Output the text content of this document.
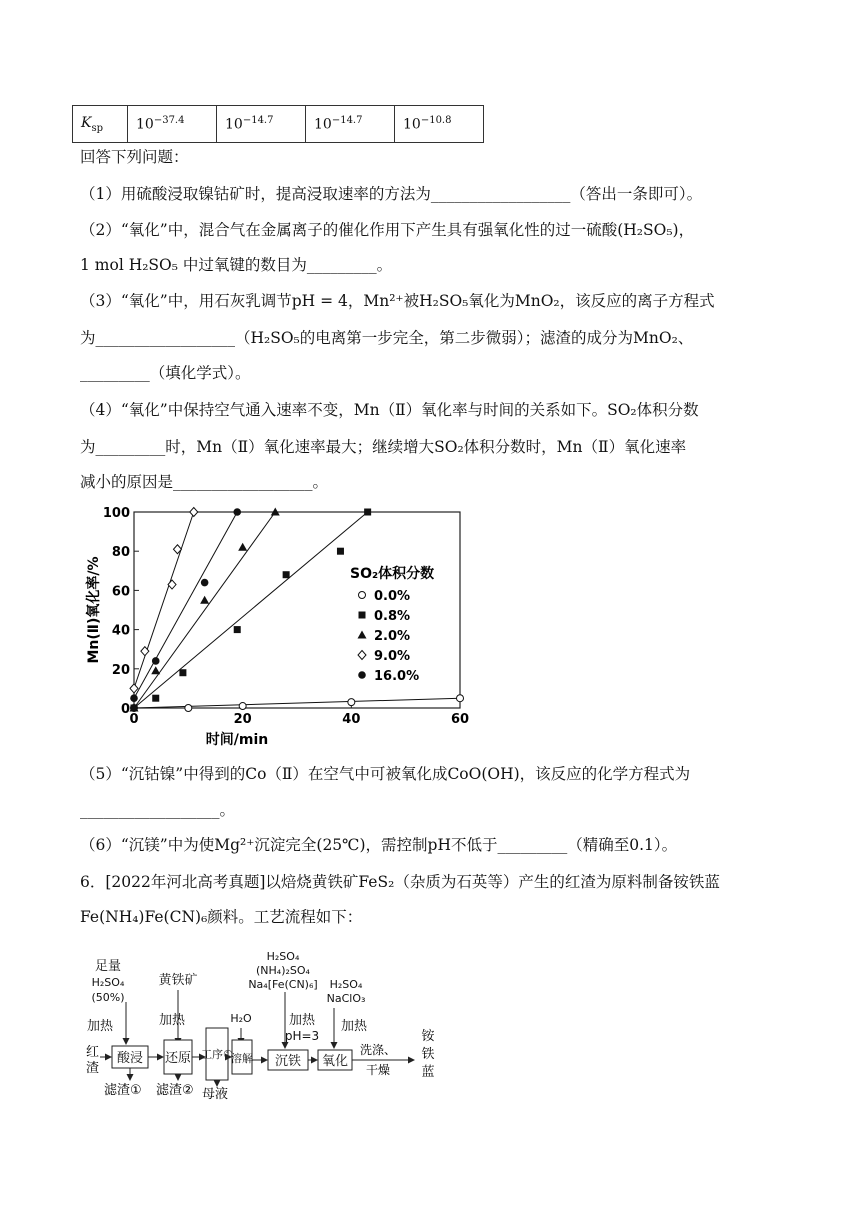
$K_{sp}$	$10^{-37.4}$	$10^{-14.7}$	$10^{-14.7}$	$10^{-10.8}$
回答下列问题：
（1）用硫酸浸取镍钴矿时，提高浸取速率的方法为__________________（答出一条即可）。
（2）“氧化”中，混合气在金属离子的催化作用下产生具有强氧化性的过一硫酸(H₂SO₅)，
1 mol H₂SO₅ 中过氧键的数目为_________。
（3）“氧化”中，用石灰乳调节pH = 4，Mn²⁺被H₂SO₅氧化为MnO₂，该反应的离子方程式
为__________________（H₂SO₅的电离第一步完全，第二步微弱）；滤渣的成分为MnO₂、
_________（填化学式）。
（4）“氧化”中保持空气通入速率不变，Mn（Ⅱ）氧化率与时间的关系如下。SO₂体积分数
为_________时，Mn（Ⅱ）氧化速率最大；继续增大SO₂体积分数时，Mn（Ⅱ）氧化速率
减小的原因是__________________。
0	20	40	60
0
20
40
60
80
100
时间/min
Mn(Ⅱ)氧化率/%	SO₂体积分数
0.0%
0.8%
2.0%
9.0%
16.0%
（5）“沉钴镍”中得到的Co（Ⅱ）在空气中可被氧化成CoO(OH)，该反应的化学方程式为
__________________。
（6）“沉镁”中为使Mg²⁺沉淀完全(25℃)，需控制pH不低于_________（精确至0.1）。
6．[2022年河北高考真题]以焙烧黄铁矿FeS₂（杂质为石英等）产生的红渣为原料制备铵铁蓝
Fe(NH₄)Fe(CN)₆颜料。工艺流程如下：
足量
H₂SO₄
(50%)
加热
黄铁矿
加热	H₂O
H₂SO₄
(NH₄)₂SO₄
Na₄[Fe(CN)₆]
加热
pH=3
H₂SO₄
NaClO₃
加热
红
渣
酸浸 还原 工序①
溶解 沉铁 氧化
洗涤、
干燥
铵
铁
蓝
滤渣① 滤渣② 母液
